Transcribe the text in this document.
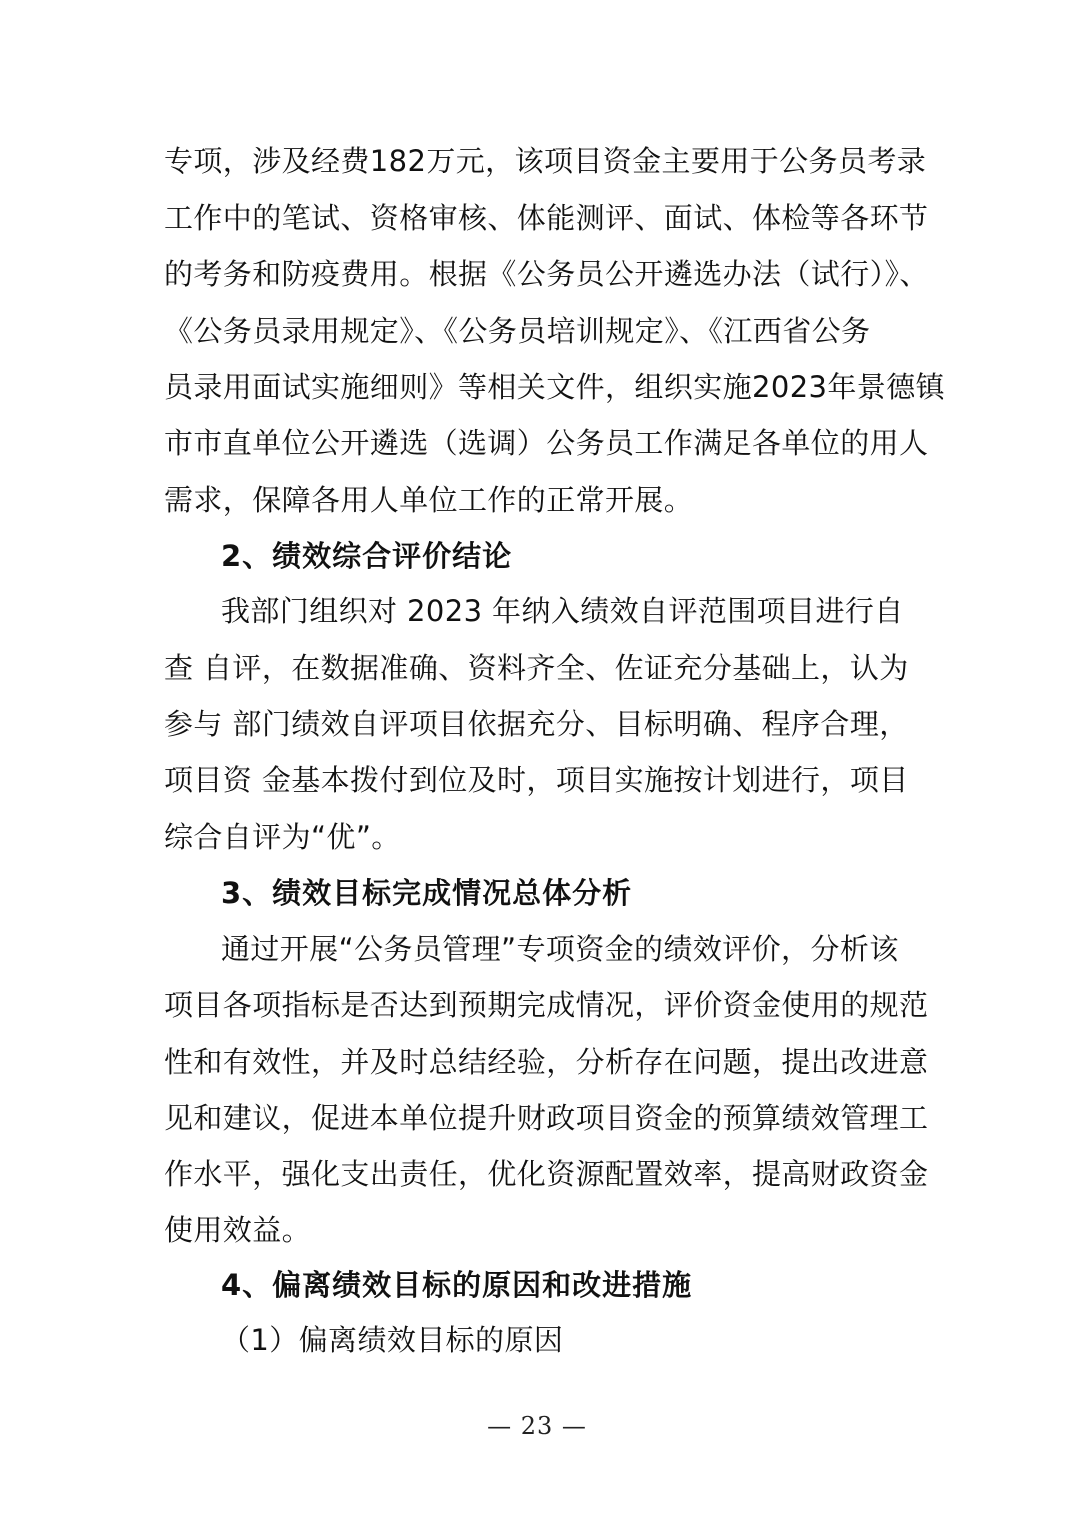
专项，涉及经费182万元，该项目资金主要用于公务员考录
工作中的笔试、资格审核、体能测评、面试、体检等各环节
的考务和防疫费用。根据《公务员公开遴选办法（试行）》、
《公务员录用规定》、《公务员培训规定》、《江西省公务
员录用面试实施细则》等相关文件，组织实施2023年景德镇
市市直单位公开遴选（选调）公务员工作满足各单位的用人
需求，保障各用人单位工作的正常开展。
2、绩效综合评价结论
我部门组织对 2023 年纳入绩效自评范围项目进行自
查 自评，在数据准确、资料齐全、佐证充分基础上，认为
参与 部门绩效自评项目依据充分、目标明确、程序合理，
项目资 金基本拨付到位及时，项目实施按计划进行，项目
综合自评为“优”。
3、绩效目标完成情况总体分析
通过开展“公务员管理”专项资金的绩效评价，分析该
项目各项指标是否达到预期完成情况，评价资金使用的规范
性和有效性，并及时总结经验，分析存在问题，提出改进意
见和建议，促进本单位提升财政项目资金的预算绩效管理工
作水平，强化支出责任，优化资源配置效率，提高财政资金
使用效益。
4、偏离绩效目标的原因和改进措施
（1）偏离绩效目标的原因
— 23 —
